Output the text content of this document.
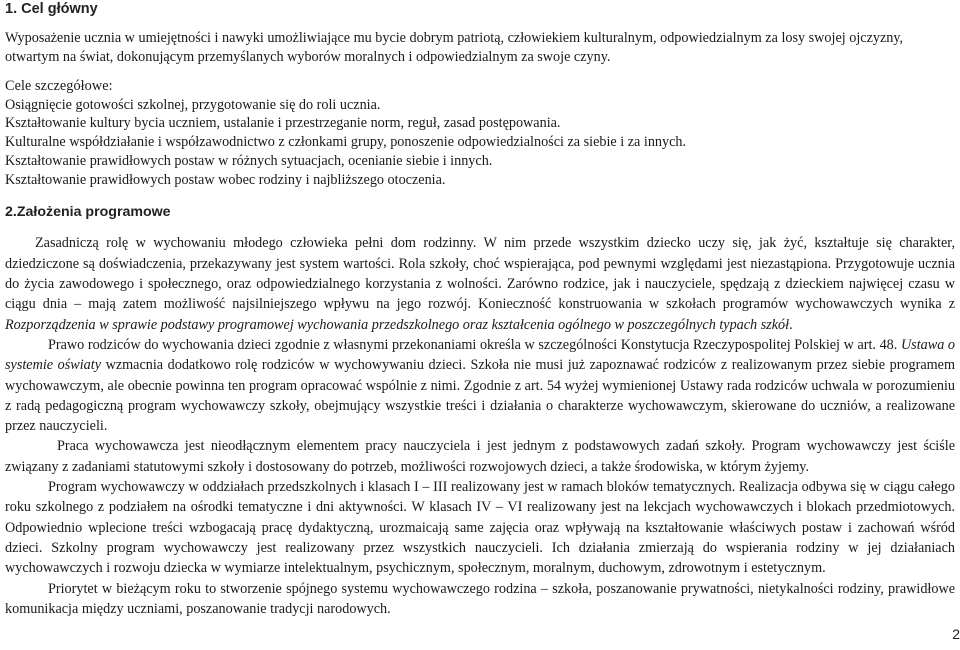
1. Cel główny

Wyposażenie ucznia w umiejętności i nawyki umożliwiające mu bycie dobrym patriotą, człowiekiem kulturalnym, odpowiedzialnym za losy swojej ojczyzny, otwartym na świat, dokonującym przemyślanych wyborów moralnych i odpowiedzialnym za swoje czyny.

Cele szczegółowe:

Osiągnięcie gotowości szkolnej, przygotowanie się do roli ucznia.

Kształtowanie kultury bycia uczniem, ustalanie i przestrzeganie norm, reguł, zasad postępowania.

Kulturalne współdziałanie i współzawodnictwo z członkami grupy, ponoszenie odpowiedzialności za siebie i za innych.

Kształtowanie prawidłowych postaw w różnych sytuacjach, ocenianie siebie i innych.

Kształtowanie prawidłowych postaw wobec rodziny i najbliższego otoczenia.

2.Założenia programowe

Zasadniczą rolę w wychowaniu młodego człowieka pełni dom rodzinny. W nim przede wszystkim dziecko uczy się, jak żyć, kształtuje się charakter, dziedziczone są doświadczenia, przekazywany jest system wartości. Rola szkoły, choć wspierająca, pod pewnymi względami jest niezastąpiona. Przygotowuje ucznia do życia zawodowego i społecznego, oraz odpowiedzialnego korzystania z wolności. Zarówno rodzice, jak i nauczyciele, spędzają z dzieckiem najwięcej czasu w ciągu dnia – mają zatem możliwość najsilniejszego wpływu na jego rozwój. Konieczność konstruowania w szkołach programów wychowawczych wynika z Rozporządzenia w sprawie podstawy programowej wychowania przedszkolnego oraz kształcenia ogólnego w poszczególnych typach szkół.

Prawo rodziców do wychowania dzieci zgodnie z własnymi przekonaniami określa w szczególności Konstytucja Rzeczypospolitej Polskiej w art. 48. Ustawa o systemie oświaty wzmacnia dodatkowo rolę rodziców w wychowywaniu dzieci. Szkoła nie musi już zapoznawać rodziców z realizowanym przez siebie programem wychowawczym, ale obecnie powinna ten program opracować wspólnie z nimi. Zgodnie z art. 54 wyżej wymienionej Ustawy rada rodziców uchwala w porozumieniu z radą pedagogiczną program wychowawczy szkoły, obejmujący wszystkie treści i działania o charakterze wychowawczym, skierowane do uczniów, a realizowane przez nauczycieli.

Praca wychowawcza jest nieodłącznym elementem pracy nauczyciela i jest jednym z podstawowych zadań szkoły. Program wychowawczy jest ściśle związany z zadaniami statutowymi szkoły i dostosowany do potrzeb, możliwości rozwojowych dzieci, a także środowiska, w którym żyjemy.

Program wychowawczy w oddziałach przedszkolnych i klasach I – III realizowany jest w ramach bloków tematycznych. Realizacja odbywa się w ciągu całego roku szkolnego z podziałem na ośrodki tematyczne i dni aktywności. W klasach IV – VI realizowany jest na lekcjach wychowawczych i blokach przedmiotowych. Odpowiednio wplecione treści wzbogacają pracę dydaktyczną, urozmaicają same zajęcia oraz wpływają na kształtowanie właściwych postaw i zachowań wśród dzieci. Szkolny program wychowawczy jest realizowany przez wszystkich nauczycieli. Ich działania zmierzają do wspierania rodziny w jej działaniach wychowawczych i rozwoju dziecka w wymiarze intelektualnym, psychicznym, społecznym, moralnym, duchowym, zdrowotnym i estetycznym.

Priorytet w bieżącym roku to stworzenie spójnego systemu wychowawczego rodzina – szkoła, poszanowanie prywatności, nietykalności rodziny, prawidłowe komunikacja między uczniami, poszanowanie tradycji narodowych.

2
